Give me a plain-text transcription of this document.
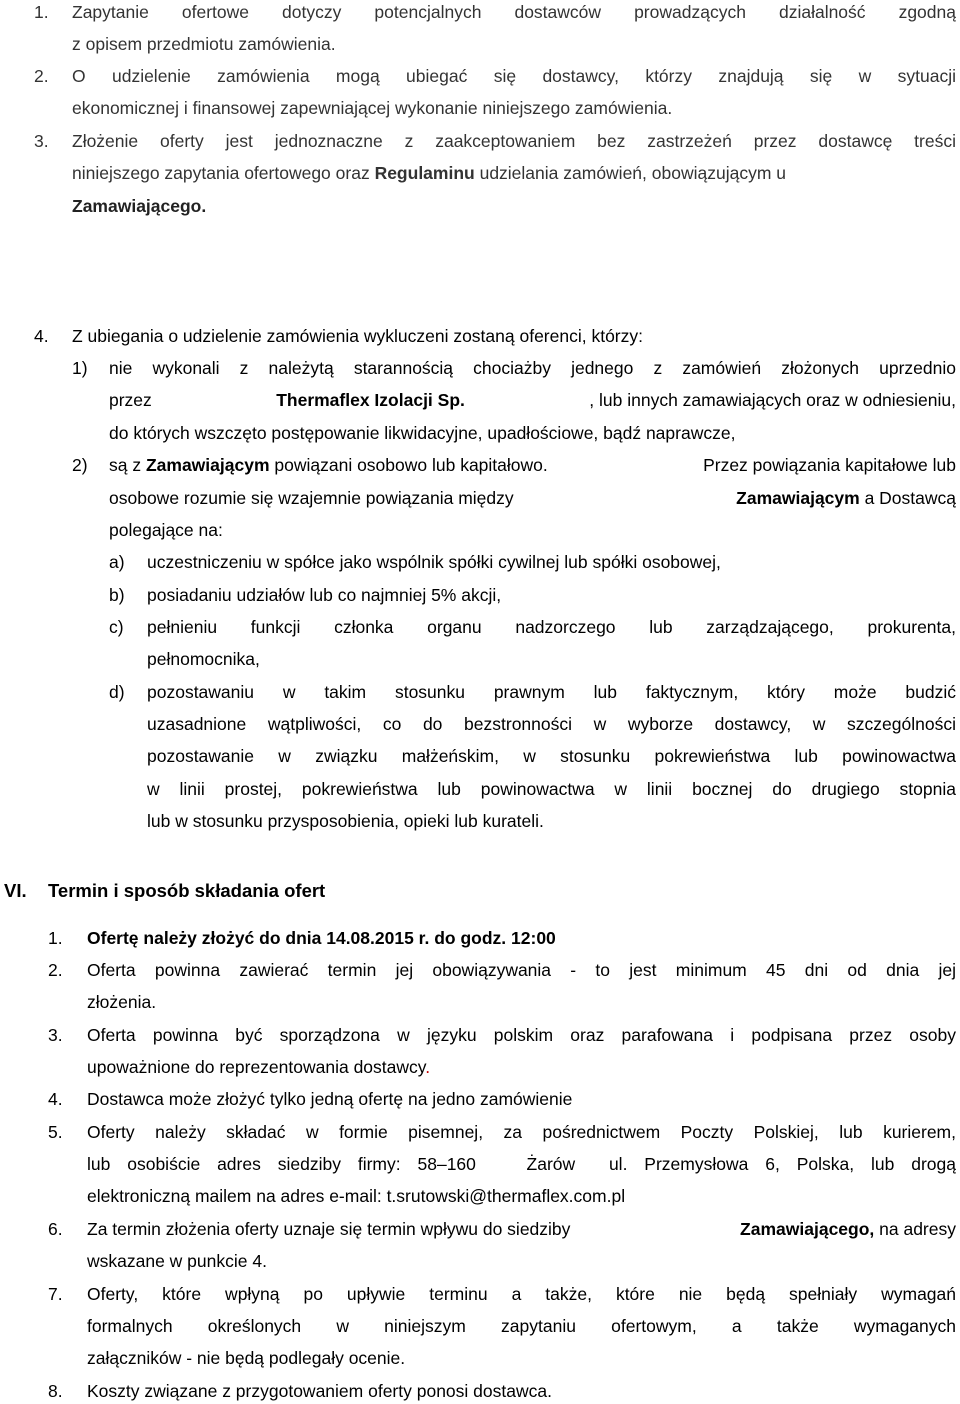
1. Zapytanie ofertowe dotyczy potencjalnych dostawców prowadzących działalność zgodną
z opisem przedmiotu zamówienia.
2. O udzielenie zamówienia mogą ubiegać się dostawcy, którzy znajdują się w sytuacji
ekonomicznej i finansowej zapewniającej wykonanie niniejszego zamówienia.
3. Złożenie oferty jest jednoznaczne z zaakceptowaniem bez zastrzeżeń przez dostawcę treści
niniejszego zapytania ofertowego oraz Regulaminu udzielania zamówień, obowiązującym u
Zamawiającego.
4. Z ubiegania o udzielenie zamówienia wykluczeni zostaną oferenci, którzy:
1) nie wykonali z należytą starannością chociażby jednego z zamówień złożonych uprzednio
przez	Thermaflex Izolacji Sp.	, lub innych zamawiających oraz w odniesieniu,
do których wszczęto postępowanie likwidacyjne, upadłościowe, bądź naprawcze,
2) są z Zamawiającym powiązani osobowo lub kapitałowo.	Przez powiązania kapitałowe lub
osobowe rozumie się wzajemnie powiązania między	Zamawiającym a Dostawcą
polegające na:
a) uczestniczeniu w spółce jako wspólnik spółki cywilnej lub spółki osobowej,
b) posiadaniu udziałów lub co najmniej 5% akcji,
c) pełnieniu funkcji członka organu nadzorczego lub zarządzającego, prokurenta,
pełnomocnika,
d) pozostawaniu w takim stosunku prawnym lub faktycznym, który może budzić
uzasadnione wątpliwości, co do bezstronności w wyborze dostawcy, w szczególności
pozostawanie w związku małżeńskim, w stosunku pokrewieństwa lub powinowactwa
w linii prostej, pokrewieństwa lub powinowactwa w linii bocznej do drugiego stopnia
lub w stosunku przysposobienia, opieki lub kurateli.
VI. Termin i sposób składania ofert
1. Ofertę należy złożyć do dnia 14.08.2015 r. do godz. 12:00
2. Oferta powinna zawierać termin jej obowiązywania - to jest minimum 45 dni od dnia jej
złożenia.
3. Oferta powinna być sporządzona w języku polskim oraz parafowana i podpisana przez osoby
upoważnione do reprezentowania dostawcy.
4. Dostawca może złożyć tylko jedną ofertę na jedno zamówienie
5. Oferty należy składać w formie pisemnej, za pośrednictwem Poczty Polskiej, lub kurierem,
lub osobiście adres siedziby firmy: 58–160   Żarów  ul. Przemysłowa 6, Polska, lub drogą
elektroniczną mailem na adres e-mail: t.srutowski@thermaflex.com.pl
6. Za termin złożenia oferty uznaje się termin wpływu do siedziby	Zamawiającego, na adresy
wskazane w punkcie 4.
7. Oferty, które wpłyną po upływie terminu a także, które nie będą spełniały wymagań
formalnych określonych w niniejszym zapytaniu ofertowym, a także wymaganych
załączników - nie będą podlegały ocenie.
8. Koszty związane z przygotowaniem oferty ponosi dostawca.
